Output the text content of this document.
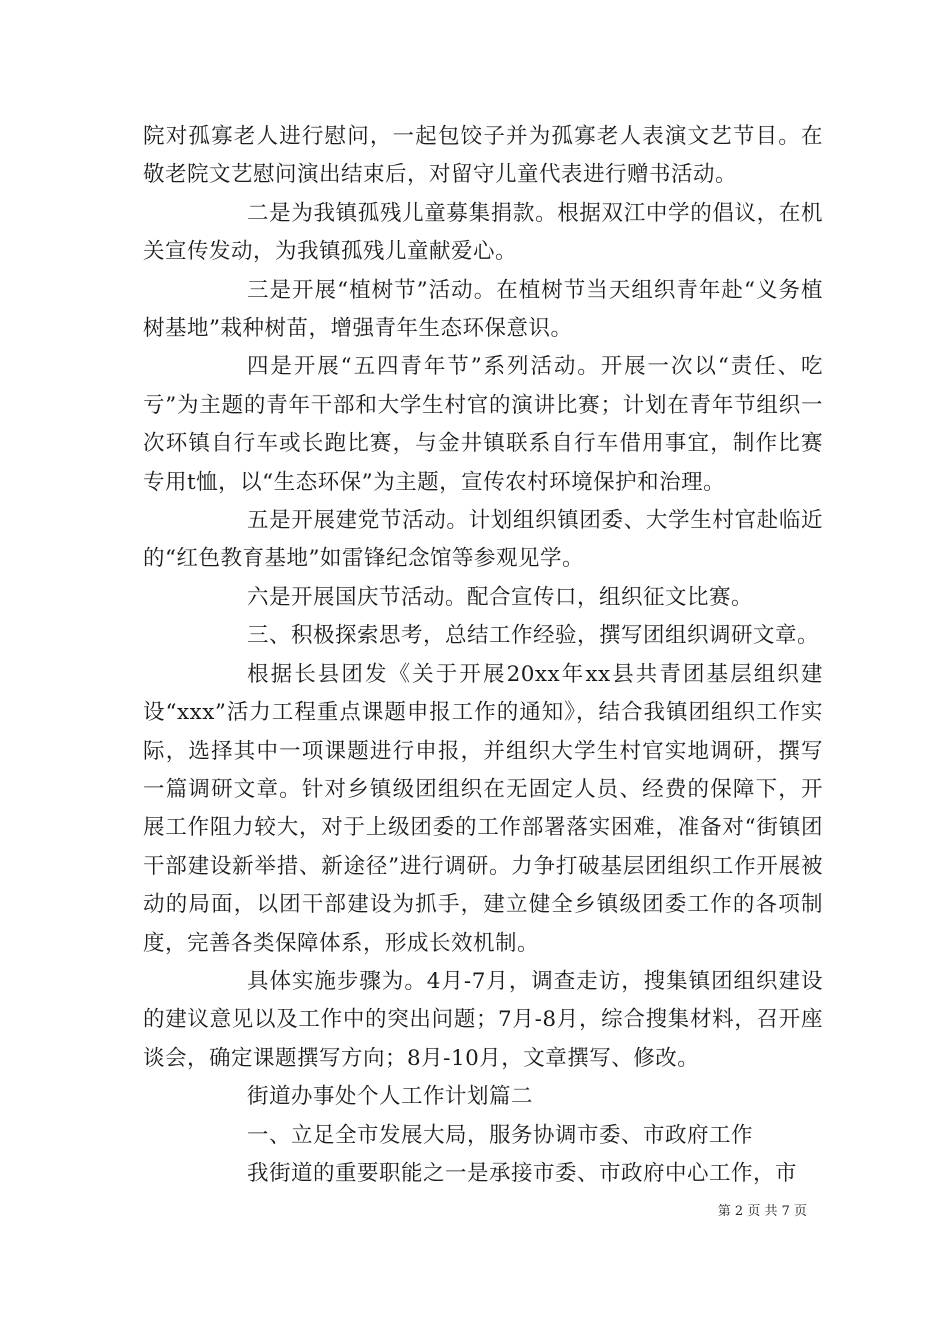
院对孤寡老人进行慰问，一起包饺子并为孤寡老人表演文艺节目。在敬老院文艺慰问演出结束后，对留守儿童代表进行赠书活动。

二是为我镇孤残儿童募集捐款。根据双江中学的倡议，在机关宣传发动，为我镇孤残儿童献爱心。

三是开展“植树节”活动。在植树节当天组织青年赴“义务植树基地”栽种树苗，增强青年生态环保意识。

四是开展“五四青年节”系列活动。开展一次以“责任、吃亏”为主题的青年干部和大学生村官的演讲比赛；计划在青年节组织一次环镇自行车或长跑比赛，与金井镇联系自行车借用事宜，制作比赛专用t恤，以“生态环保”为主题，宣传农村环境保护和治理。

五是开展建党节活动。计划组织镇团委、大学生村官赴临近的“红色教育基地”如雷锋纪念馆等参观见学。

六是开展国庆节活动。配合宣传口，组织征文比赛。

三、积极探索思考，总结工作经验，撰写团组织调研文章。

根据长县团发《关于开展20xx年xx县共青团基层组织建设“xxx”活力工程重点课题申报工作的通知》，结合我镇团组织工作实际，选择其中一项课题进行申报，并组织大学生村官实地调研，撰写一篇调研文章。针对乡镇级团组织在无固定人员、经费的保障下，开展工作阻力较大，对于上级团委的工作部署落实困难，准备对“街镇团干部建设新举措、新途径”进行调研。力争打破基层团组织工作开展被动的局面，以团干部建设为抓手，建立健全乡镇级团委工作的各项制度，完善各类保障体系，形成长效机制。

具体实施步骤为。4月-7月，调查走访，搜集镇团组织建设的建议意见以及工作中的突出问题；7月-8月，综合搜集材料，召开座谈会，确定课题撰写方向；8月-10月，文章撰写、修改。

街道办事处个人工作计划篇二

一、立足全市发展大局，服务协调市委、市政府工作

我街道的重要职能之一是承接市委、市政府中心工作，市

第 2 页 共 7 页
